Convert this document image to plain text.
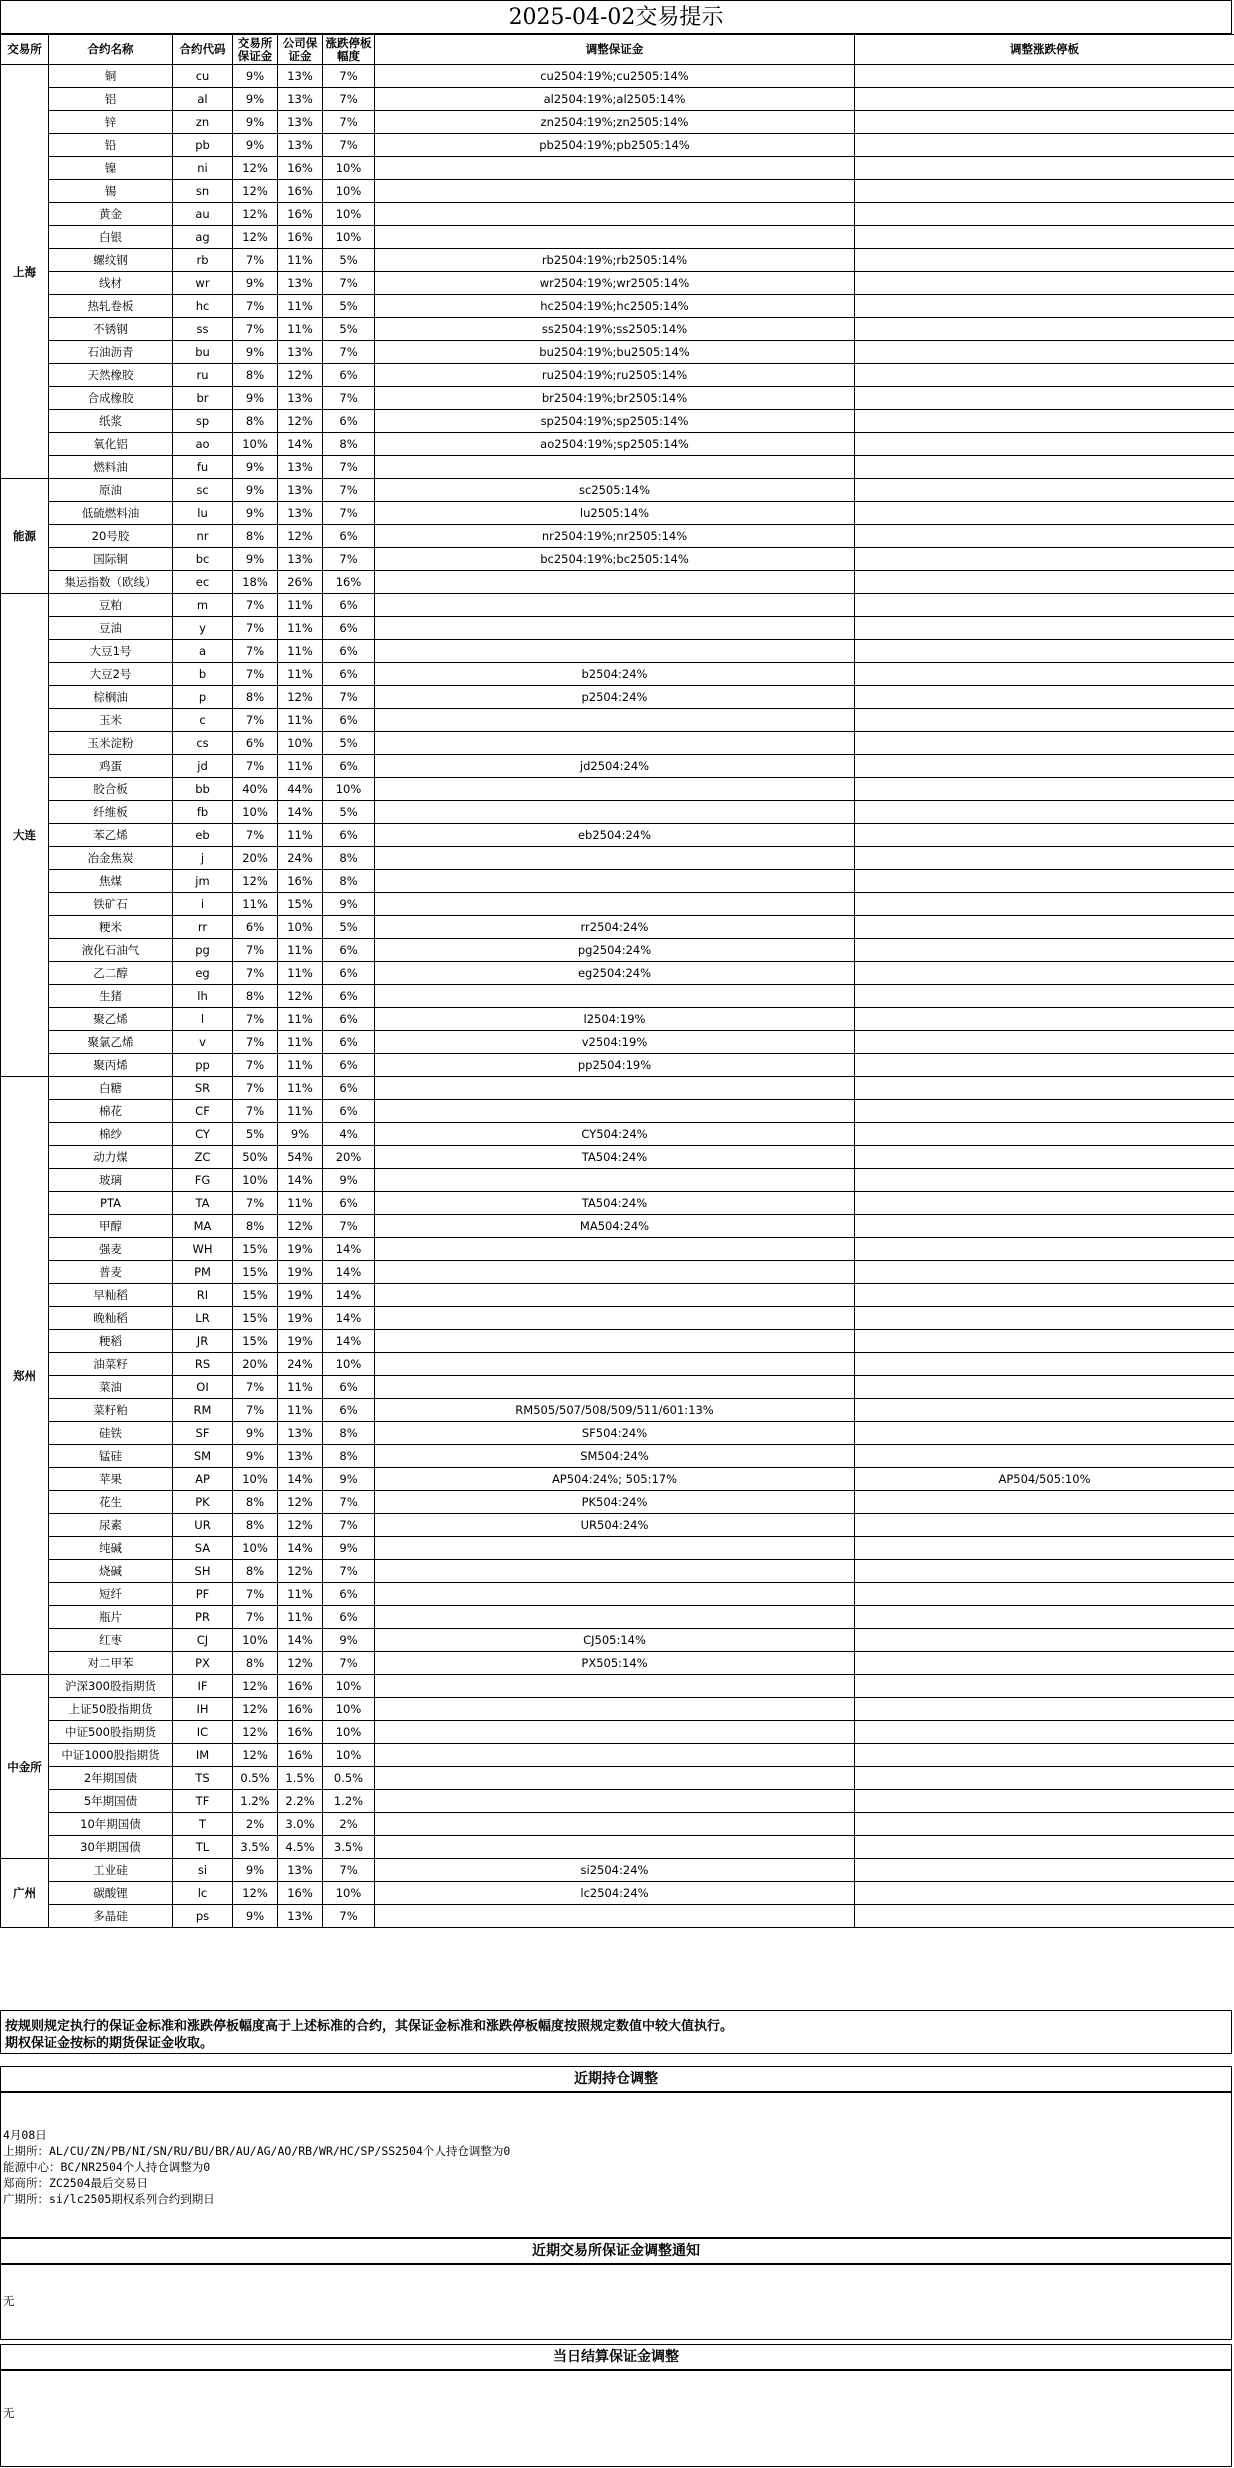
2025-04-02交易提示
交易所	合约名称	合约代码	交易所保证金	公司保证金	涨跌停板幅度	调整保证金	调整涨跌停板
上海	铜	cu	9%	13%	7%	cu2504:19%;cu2505:14%	
	铝	al	9%	13%	7%	al2504:19%;al2505:14%	
	锌	zn	9%	13%	7%	zn2504:19%;zn2505:14%	
	铅	pb	9%	13%	7%	pb2504:19%;pb2505:14%	
	镍	ni	12%	16%	10%		
	锡	sn	12%	16%	10%		
	黄金	au	12%	16%	10%		
	白银	ag	12%	16%	10%		
	螺纹钢	rb	7%	11%	5%	rb2504:19%;rb2505:14%	
	线材	wr	9%	13%	7%	wr2504:19%;wr2505:14%	
	热轧卷板	hc	7%	11%	5%	hc2504:19%;hc2505:14%	
	不锈钢	ss	7%	11%	5%	ss2504:19%;ss2505:14%	
	石油沥青	bu	9%	13%	7%	bu2504:19%;bu2505:14%	
	天然橡胶	ru	8%	12%	6%	ru2504:19%;ru2505:14%	
	合成橡胶	br	9%	13%	7%	br2504:19%;br2505:14%	
	纸浆	sp	8%	12%	6%	sp2504:19%;sp2505:14%	
	氧化铝	ao	10%	14%	8%	ao2504:19%;sp2505:14%	
	燃料油	fu	9%	13%	7%		
能源	原油	sc	9%	13%	7%	sc2505:14%	
	低硫燃料油	lu	9%	13%	7%	lu2505:14%	
	20号胶	nr	8%	12%	6%	nr2504:19%;nr2505:14%	
	国际铜	bc	9%	13%	7%	bc2504:19%;bc2505:14%	
	集运指数（欧线）	ec	18%	26%	16%		
大连	豆粕	m	7%	11%	6%		
	豆油	y	7%	11%	6%		
	大豆1号	a	7%	11%	6%		
	大豆2号	b	7%	11%	6%	b2504:24%	
	棕榈油	p	8%	12%	7%	p2504:24%	
	玉米	c	7%	11%	6%		
	玉米淀粉	cs	6%	10%	5%		
	鸡蛋	jd	7%	11%	6%	jd2504:24%	
	胶合板	bb	40%	44%	10%		
	纤维板	fb	10%	14%	5%		
	苯乙烯	eb	7%	11%	6%	eb2504:24%	
	冶金焦炭	j	20%	24%	8%		
	焦煤	jm	12%	16%	8%		
	铁矿石	i	11%	15%	9%		
	粳米	rr	6%	10%	5%	rr2504:24%	
	液化石油气	pg	7%	11%	6%	pg2504:24%	
	乙二醇	eg	7%	11%	6%	eg2504:24%	
	生猪	lh	8%	12%	6%		
	聚乙烯	l	7%	11%	6%	l2504:19%	
	聚氯乙烯	v	7%	11%	6%	v2504:19%	
	聚丙烯	pp	7%	11%	6%	pp2504:19%	
郑州	白糖	SR	7%	11%	6%		
	棉花	CF	7%	11%	6%		
	棉纱	CY	5%	9%	4%	CY504:24%	
	动力煤	ZC	50%	54%	20%	TA504:24%	
	玻璃	FG	10%	14%	9%		
	PTA	TA	7%	11%	6%	TA504:24%	
	甲醇	MA	8%	12%	7%	MA504:24%	
	强麦	WH	15%	19%	14%		
	普麦	PM	15%	19%	14%		
	早籼稻	RI	15%	19%	14%		
	晚籼稻	LR	15%	19%	14%		
	粳稻	JR	15%	19%	14%		
	油菜籽	RS	20%	24%	10%		
	菜油	OI	7%	11%	6%		
	菜籽粕	RM	7%	11%	6%	RM505/507/508/509/511/601:13%	
	硅铁	SF	9%	13%	8%	SF504:24%	
	锰硅	SM	9%	13%	8%	SM504:24%	
	苹果	AP	10%	14%	9%	AP504:24%; 505:17%	AP504/505:10%
	花生	PK	8%	12%	7%	PK504:24%	
	尿素	UR	8%	12%	7%	UR504:24%	
	纯碱	SA	10%	14%	9%		
	烧碱	SH	8%	12%	7%		
	短纤	PF	7%	11%	6%		
	瓶片	PR	7%	11%	6%		
	红枣	CJ	10%	14%	9%	CJ505:14%	
	对二甲苯	PX	8%	12%	7%	PX505:14%	
中金所	沪深300股指期货	IF	12%	16%	10%		
	上证50股指期货	IH	12%	16%	10%		
	中证500股指期货	IC	12%	16%	10%		
	中证1000股指期货	IM	12%	16%	10%		
	2年期国债	TS	0.5%	1.5%	0.5%		
	5年期国债	TF	1.2%	2.2%	1.2%		
	10年期国债	T	2%	3.0%	2%		
	30年期国债	TL	3.5%	4.5%	3.5%		
广州	工业硅	si	9%	13%	7%	si2504:24%	
	碳酸锂	lc	12%	16%	10%	lc2504:24%	
	多晶硅	ps	9%	13%	7%		
按规则规定执行的保证金标准和涨跌停板幅度高于上述标准的合约，其保证金标准和涨跌停板幅度按照规定数值中较大值执行。
期权保证金按标的期货保证金收取。
近期持仓调整
4月08日
上期所：AL/CU/ZN/PB/NI/SN/RU/BU/BR/AU/AG/AO/RB/WR/HC/SP/SS2504个人持仓调整为0
能源中心：BC/NR2504个人持仓调整为0
郑商所：ZC2504最后交易日
广期所：si/lc2505期权系列合约到期日
近期交易所保证金调整通知
无
当日结算保证金调整
无
